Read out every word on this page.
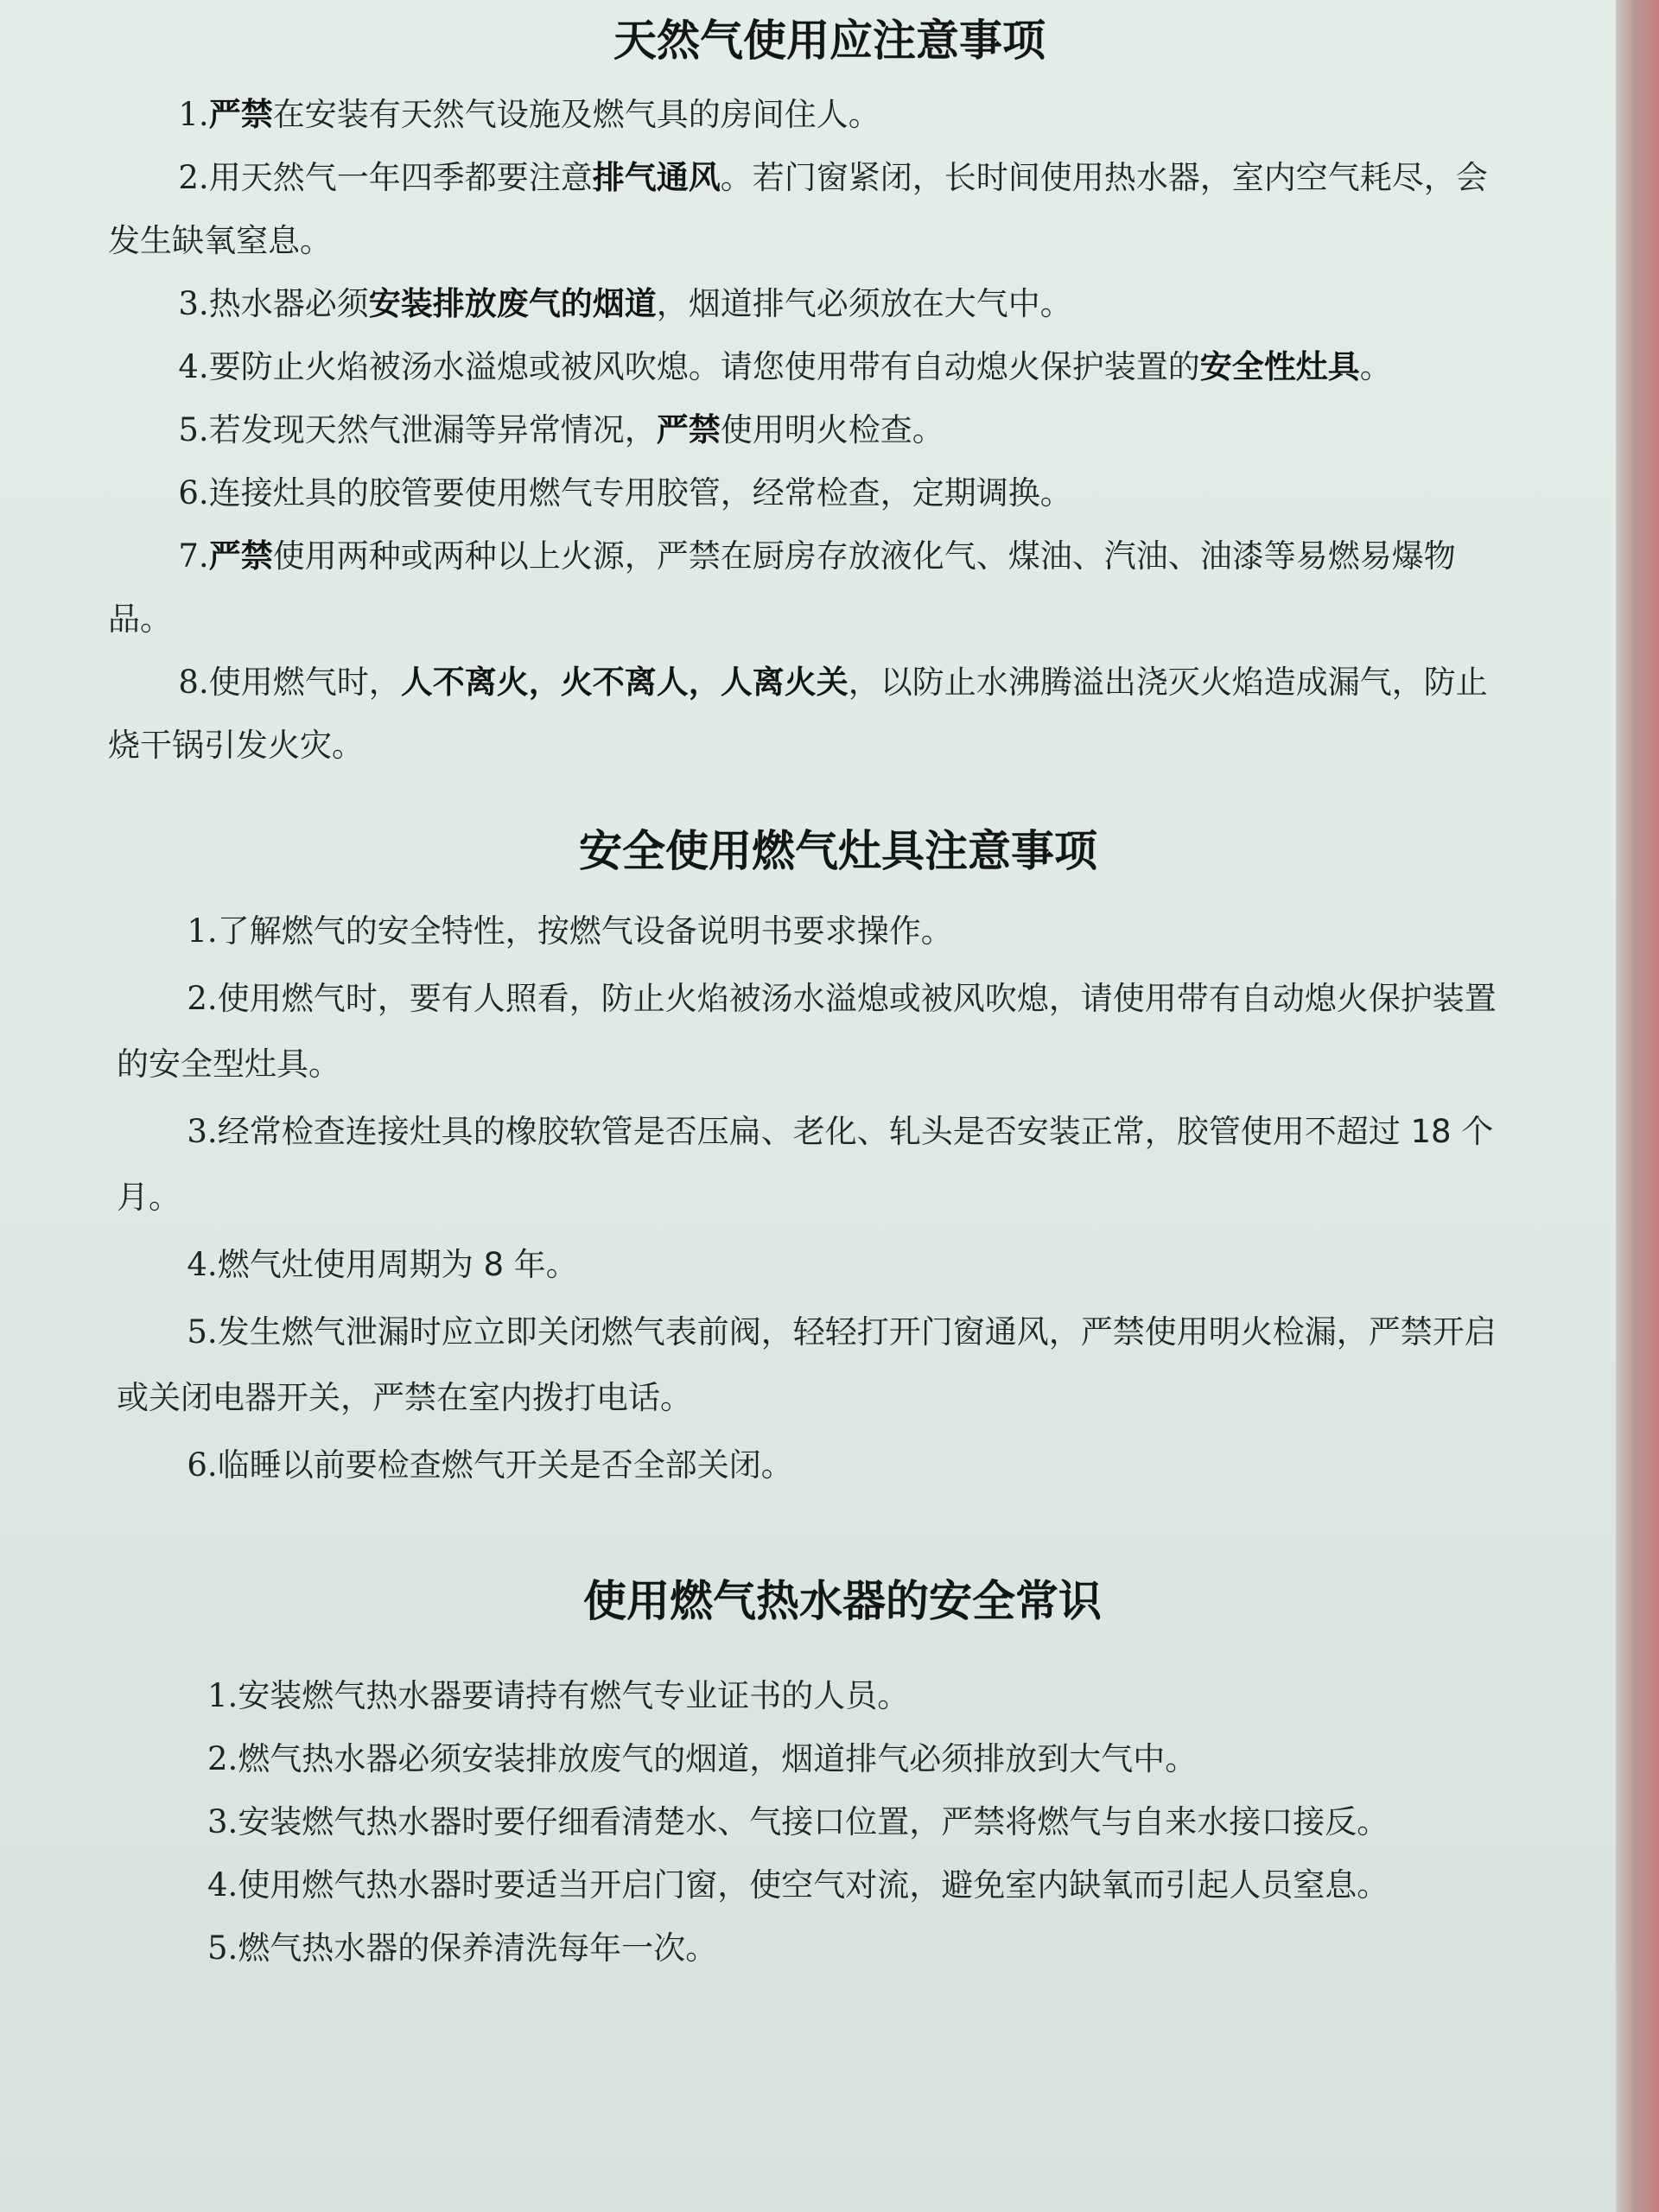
天然气使用应注意事项
1.严禁在安装有天然气设施及燃气具的房间住人。
2.用天然气一年四季都要注意排气通风。若门窗紧闭，长时间使用热水器，室内空气耗尽，会发生缺氧窒息。
3.热水器必须安装排放废气的烟道，烟道排气必须放在大气中。
4.要防止火焰被汤水溢熄或被风吹熄。请您使用带有自动熄火保护装置的安全性灶具。
5.若发现天然气泄漏等异常情况，严禁使用明火检查。
6.连接灶具的胶管要使用燃气专用胶管，经常检查，定期调换。
7.严禁使用两种或两种以上火源，严禁在厨房存放液化气、煤油、汽油、油漆等易燃易爆物品。
8.使用燃气时，人不离火，火不离人，人离火关，以防止水沸腾溢出浇灭火焰造成漏气，防止烧干锅引发火灾。
安全使用燃气灶具注意事项
1.了解燃气的安全特性，按燃气设备说明书要求操作。
2.使用燃气时，要有人照看，防止火焰被汤水溢熄或被风吹熄，请使用带有自动熄火保护装置的安全型灶具。
3.经常检查连接灶具的橡胶软管是否压扁、老化、轧头是否安装正常，胶管使用不超过 18 个月。
4.燃气灶使用周期为 8 年。
5.发生燃气泄漏时应立即关闭燃气表前阀，轻轻打开门窗通风，严禁使用明火检漏，严禁开启或关闭电器开关，严禁在室内拨打电话。
6.临睡以前要检查燃气开关是否全部关闭。
使用燃气热水器的安全常识
1.安装燃气热水器要请持有燃气专业证书的人员。
2.燃气热水器必须安装排放废气的烟道，烟道排气必须排放到大气中。
3.安装燃气热水器时要仔细看清楚水、气接口位置，严禁将燃气与自来水接口接反。
4.使用燃气热水器时要适当开启门窗，使空气对流，避免室内缺氧而引起人员窒息。
5.燃气热水器的保养清洗每年一次。
